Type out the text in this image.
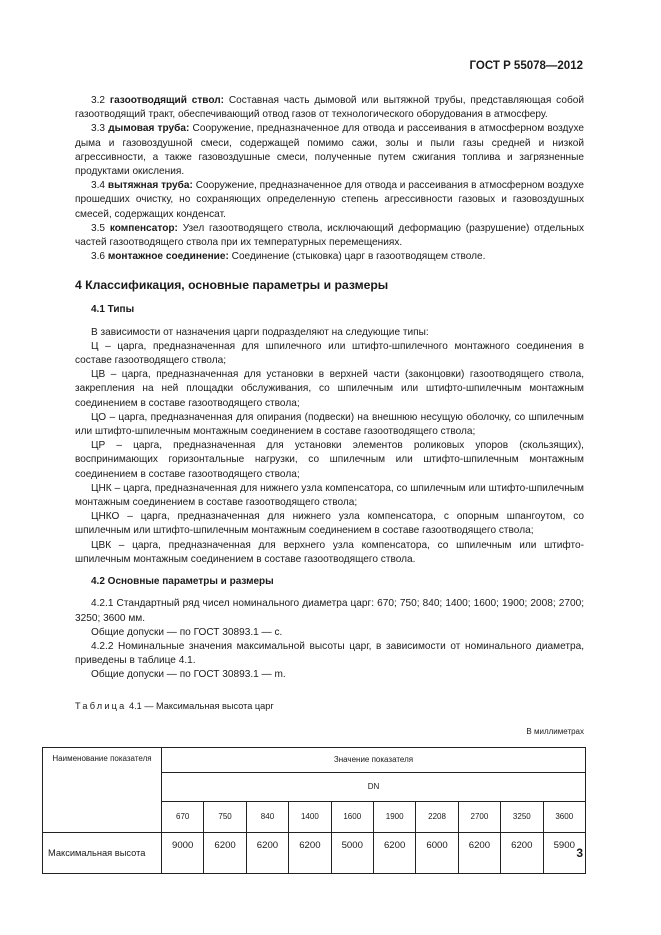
ГОСТ Р 55078—2012

3.2 газоотводящий ствол: Составная часть дымовой или вытяжной трубы, представляющая собой газоотводящий тракт, обеспечивающий отвод газов от технологического оборудования в атмосферу.

3.3 дымовая труба: Сооружение, предназначенное для отвода и рассеивания в атмосферном воздухе дыма и газовоздушной смеси, содержащей помимо сажи, золы и пыли газы средней и низкой агрессивности, а также газовоздушные смеси, полученные путем сжигания топлива и загрязненные продуктами окисления.

3.4 вытяжная труба: Сооружение, предназначенное для отвода и рассеивания в атмосферном воздухе прошедших очистку, но сохраняющих определенную степень агрессивности газовых и газовоздушных смесей, содержащих конденсат.

3.5 компенсатор: Узел газоотводящего ствола, исключающий деформацию (разрушение) отдельных частей газоотводящего ствола при их температурных перемещениях.

3.6 монтажное соединение: Соединение (стыковка) царг в газоотводящем стволе.

4 Классификация, основные параметры и размеры
4.1 Типы

В зависимости от назначения царги подразделяют на следующие типы:

Ц – царга, предназначенная для шпилечного или штифто-шпилечного монтажного соединения в составе газоотводящего ствола;

ЦВ – царга, предназначенная для установки в верхней части (законцовки) газоотводящего ствола, закрепления на ней площадки обслуживания, со шпилечным или штифто-шпилечным монтажным соединением в составе газоотводящего ствола;

ЦО – царга, предназначенная для опирания (подвески) на внешнюю несущую оболочку, со шпилечным или штифто-шпилечным монтажным соединением в составе газоотводящего ствола;

ЦР – царга, предназначенная для установки элементов роликовых упоров (скользящих), воспринимающих горизонтальные нагрузки, со шпилечным или штифто-шпилечным монтажным соединением в составе газоотводящего ствола;

ЦНК – царга, предназначенная для нижнего узла компенсатора, со шпилечным или штифто-шпилечным монтажным соединением в составе газоотводящего ствола;

ЦНКО – царга, предназначенная для нижнего узла компенсатора, с опорным шпангоутом, со шпилечным или штифто-шпилечным монтажным соединением в составе газоотводящего ствола;

ЦВК – царга, предназначенная для верхнего узла компенсатора, со шпилечным или штифто-шпилечным монтажным соединением в составе газоотводящего ствола.

4.2 Основные параметры и размеры

4.2.1 Стандартный ряд чисел номинального диаметра царг: 670; 750; 840; 1400; 1600; 1900; 2008; 2700; 3250; 3600 мм.

Общие допуски — по ГОСТ 30893.1 — с.

4.2.2 Номинальные значения максимальной высоты царг, в зависимости от номинального диаметра, приведены в таблице 4.1.

Общие допуски — по ГОСТ 30893.1 — m.

Таблица 4.1 — Максимальная высота царг
В миллиметрах
Наименование показателя	Значение показателя									
	DN									
	670	750	840	1400	1600	1900	2208	2700	3250	3600
Максимальная высота	9000	6200	6200	6200	5000	6200	6000	6200	6200	5900
3
